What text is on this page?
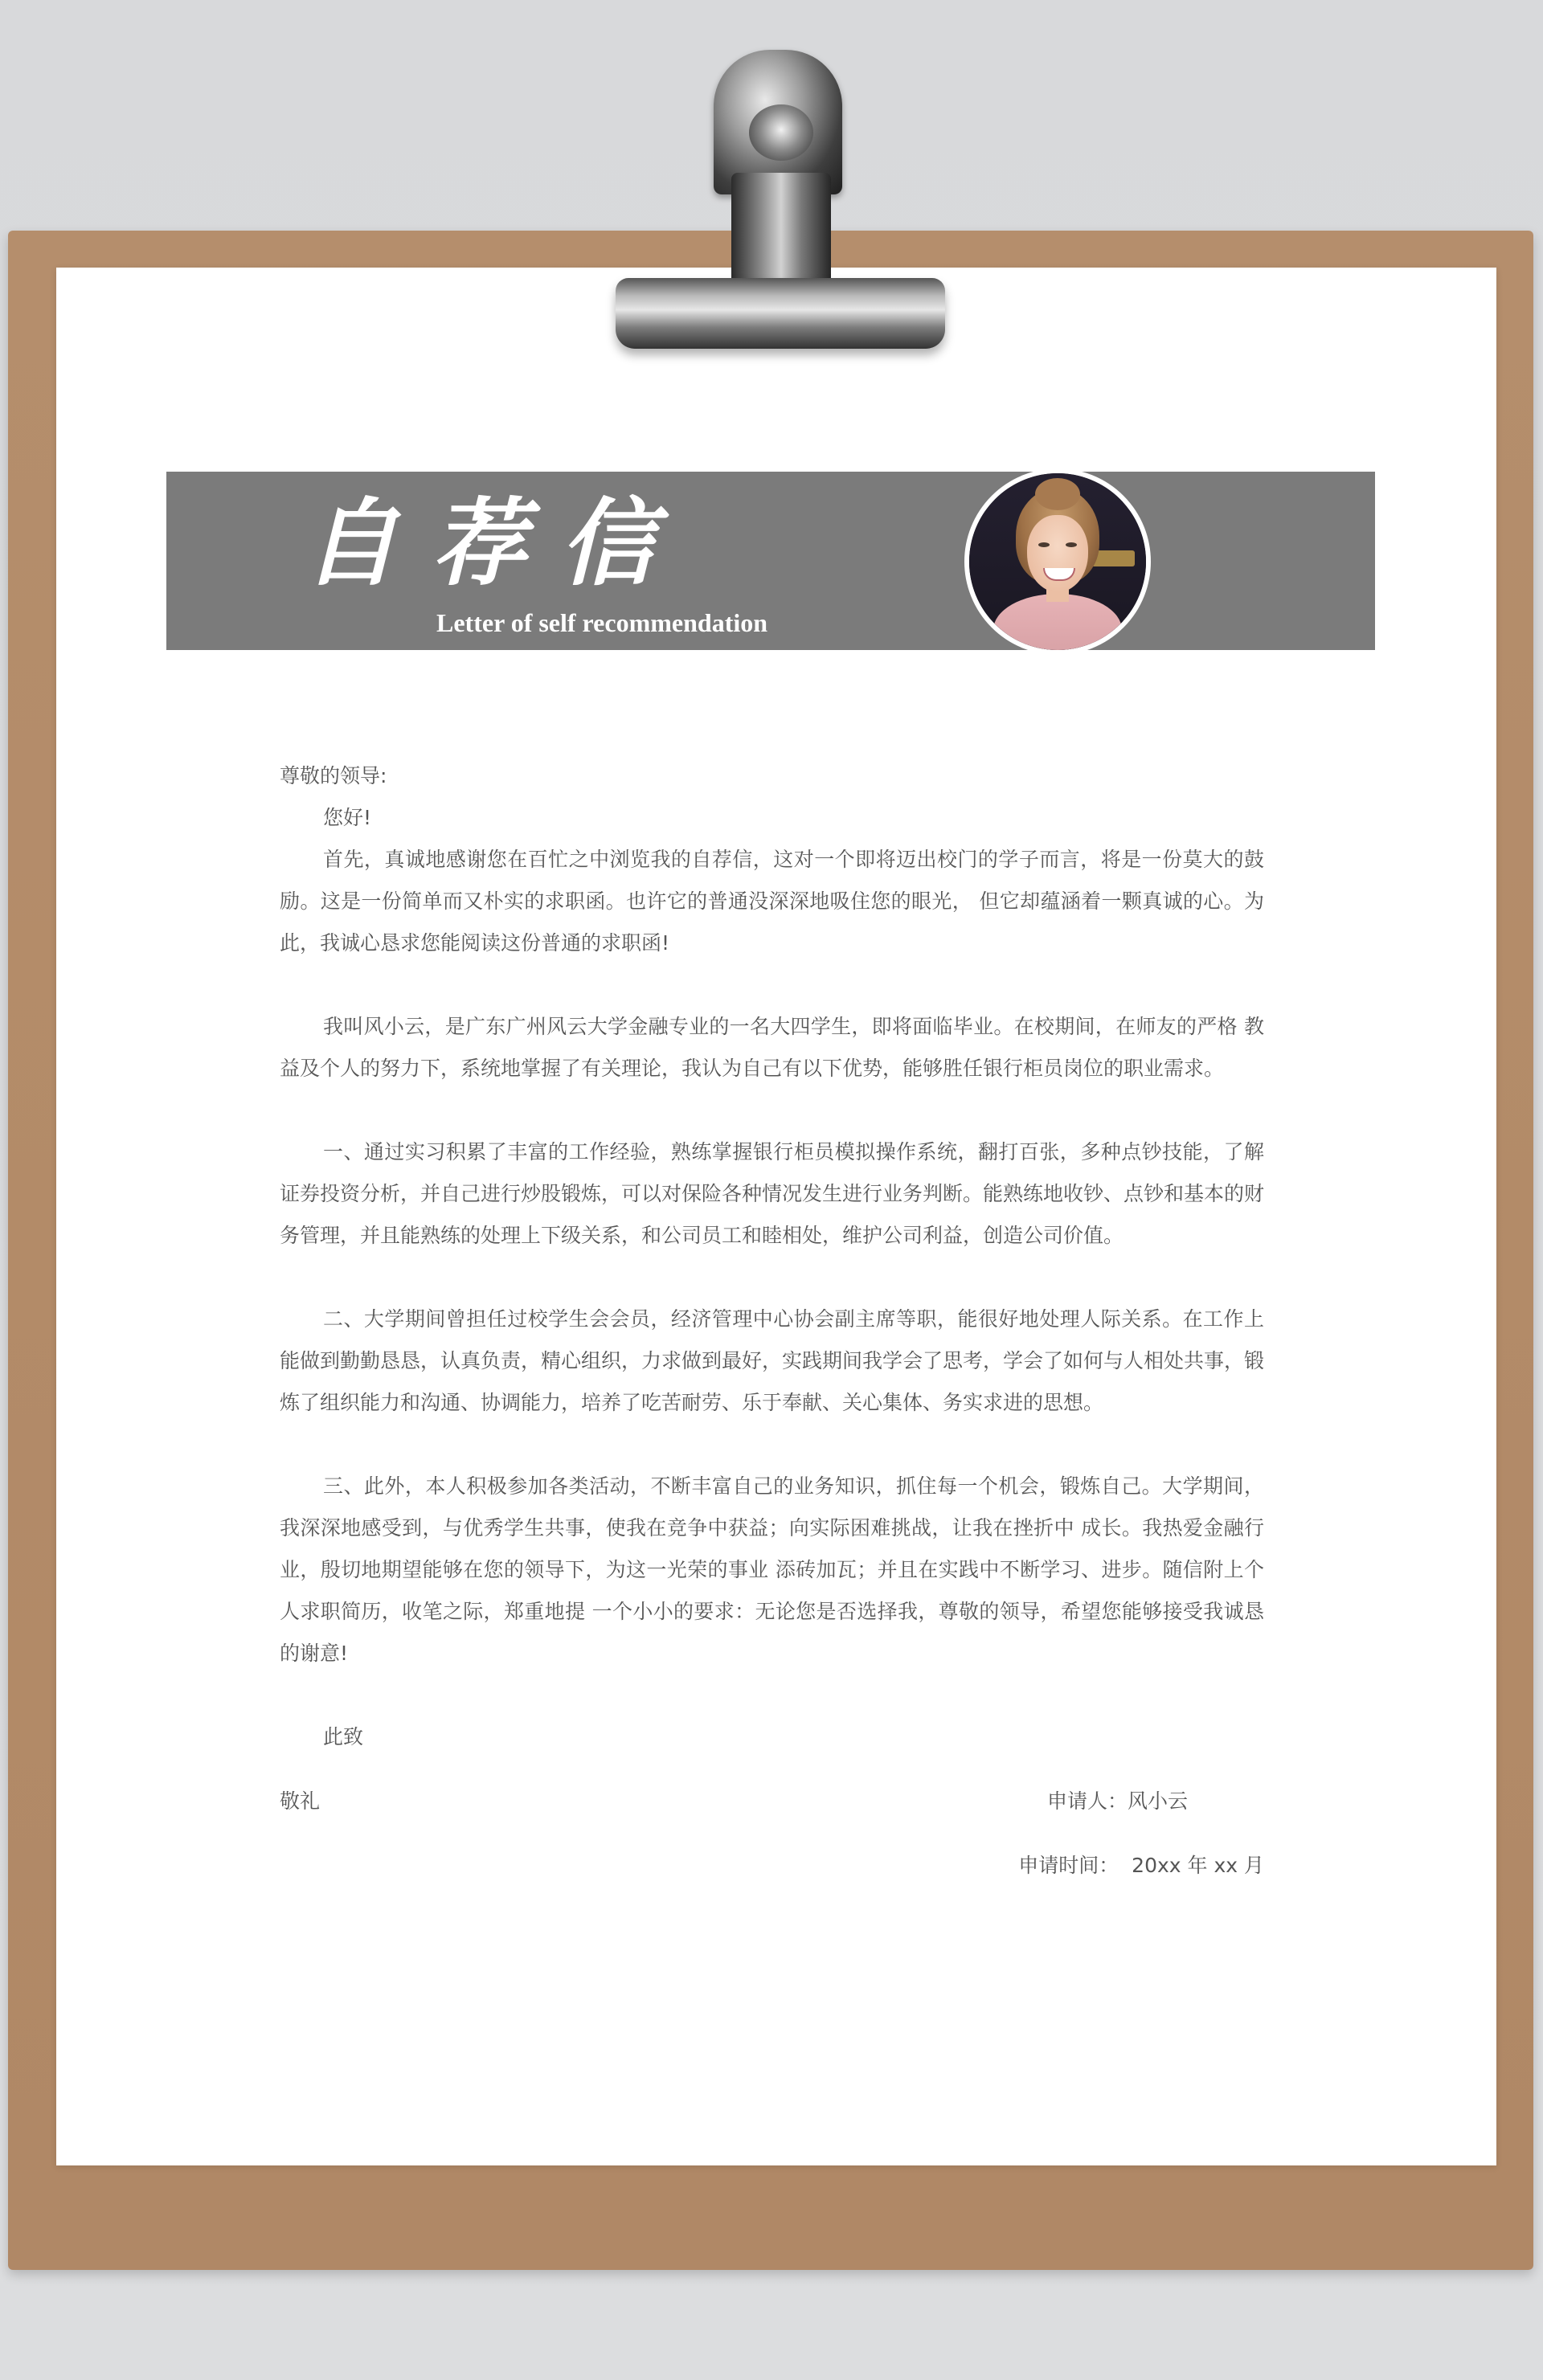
自荐信
Letter of self recommendation

尊敬的领导:

您好!

首先，真诚地感谢您在百忙之中浏览我的自荐信，这对一个即将迈出校门的学子而言，将是一份莫大的鼓励。这是一份简单而又朴实的求职函。也许它的普通没深深地吸住您的眼光， 但它却蕴涵着一颗真诚的心。为此，我诚心恳求您能阅读这份普通的求职函!

我叫风小云，是广东广州风云大学金融专业的一名大四学生，即将面临毕业。在校期间，在师友的严格 教益及个人的努力下，系统地掌握了有关理论，我认为自己有以下优势，能够胜任银行柜员岗位的职业需求。

一、通过实习积累了丰富的工作经验，熟练掌握银行柜员模拟操作系统，翻打百张，多种点钞技能，了解证券投资分析，并自己进行炒股锻炼，可以对保险各种情况发生进行业务判断。能熟练地收钞、点钞和基本的财务管理，并且能熟练的处理上下级关系，和公司员工和睦相处，维护公司利益，创造公司价值。

二、大学期间曾担任过校学生会会员，经济管理中心协会副主席等职，能很好地处理人际关系。在工作上能做到勤勤恳恳，认真负责，精心组织，力求做到最好，实践期间我学会了思考，学会了如何与人相处共事，锻炼了组织能力和沟通、协调能力，培养了吃苦耐劳、乐于奉献、关心集体、务实求进的思想。

三、此外，本人积极参加各类活动，不断丰富自己的业务知识，抓住每一个机会，锻炼自己。大学期间，我深深地感受到，与优秀学生共事，使我在竞争中获益；向实际困难挑战，让我在挫折中 成长。我热爱金融行业，殷切地期望能够在您的领导下，为这一光荣的事业 添砖加瓦；并且在实践中不断学习、进步。随信附上个人求职简历，收笔之际，郑重地提 一个小小的要求：无论您是否选择我，尊敬的领导，希望您能够接受我诚恳的谢意!

此致

敬礼	申请人：风小云
申请时间：  20xx 年 xx 月
